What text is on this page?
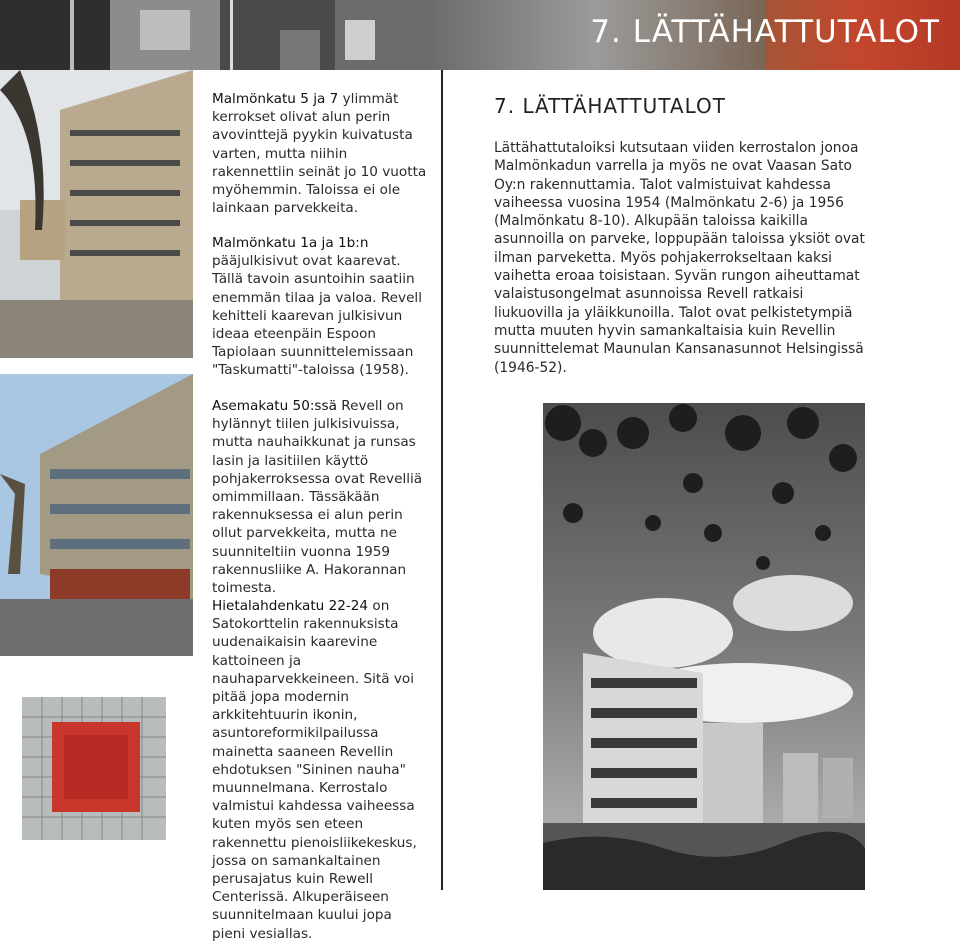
7. LÄTTÄHATTUTALOT
Malmönkatu 5 ja 7 ylimmät kerrokset olivat alun perin avovinttejä pyykin kuivatusta varten, mutta niihin rakennettiin seinät jo 10 vuotta myöhemmin. Taloissa ei ole lainkaan parvekkeita.
Malmönkatu 1a ja 1b:n pääjulkisivut ovat kaarevat. Tällä tavoin asuntoihin saatiin enemmän tilaa ja valoa. Revell kehitteli kaarevan julkisivun ideaa eteenpäin Espoon Tapiolaan suunnittelemissaan "Taskumatti"-taloissa (1958).
Asemakatu 50:ssä Revell on hylännyt tiilen julkisivuissa, mutta nauhaikkunat ja runsas lasin ja lasitiilen käyttö pohjakerroksessa ovat Revelliä omimmillaan. Tässäkään rakennuksessa ei alun perin ollut parvekkeita, mutta ne suunniteltiin vuonna 1959 rakennusliike A. Hakorannan toimesta.
Hietalahdenkatu 22-24 on Satokorttelin rakennuksista uudenaikaisin kaarevine kattoineen ja nauhaparvekkeineen. Sitä voi pitää jopa modernin arkkitehtuurin ikonin, asuntoreformikilpailussa mainetta saaneen Revellin ehdotuksen "Sininen nauha" muunnelmana. Kerrostalo valmistui kahdessa vaiheessa kuten myös sen eteen rakennettu pienoisliikekeskus, jossa on samankaltainen perusajatus kuin Rewell Centerissä. Alkuperäiseen suunnitelmaan kuului jopa pieni vesiallas.
7. LÄTTÄHATTUTALOT
Lättähattutaloiksi kutsutaan viiden kerrostalon jonoa Malmönkadun varrella ja myös ne ovat Vaasan Sato Oy:n rakennuttamia. Talot valmistuivat kahdessa vaiheessa vuosina 1954 (Malmönkatu 2-6) ja 1956 (Malmönkatu 8-10). Alkupään taloissa kaikilla asunnoilla on parveke, loppupään taloissa yksiöt ovat ilman parveketta. Myös pohjakerrokseltaan kaksi vaihetta eroaa toisistaan. Syvän rungon aiheuttamat valaistusongelmat asunnoissa Revell ratkaisi liukuovilla ja yläikkunoilla. Talot ovat pelkistetympiä mutta muuten hyvin samankaltaisia kuin Revellin suunnittelemat Maunulan Kansanasunnot Helsingissä (1946-52).
